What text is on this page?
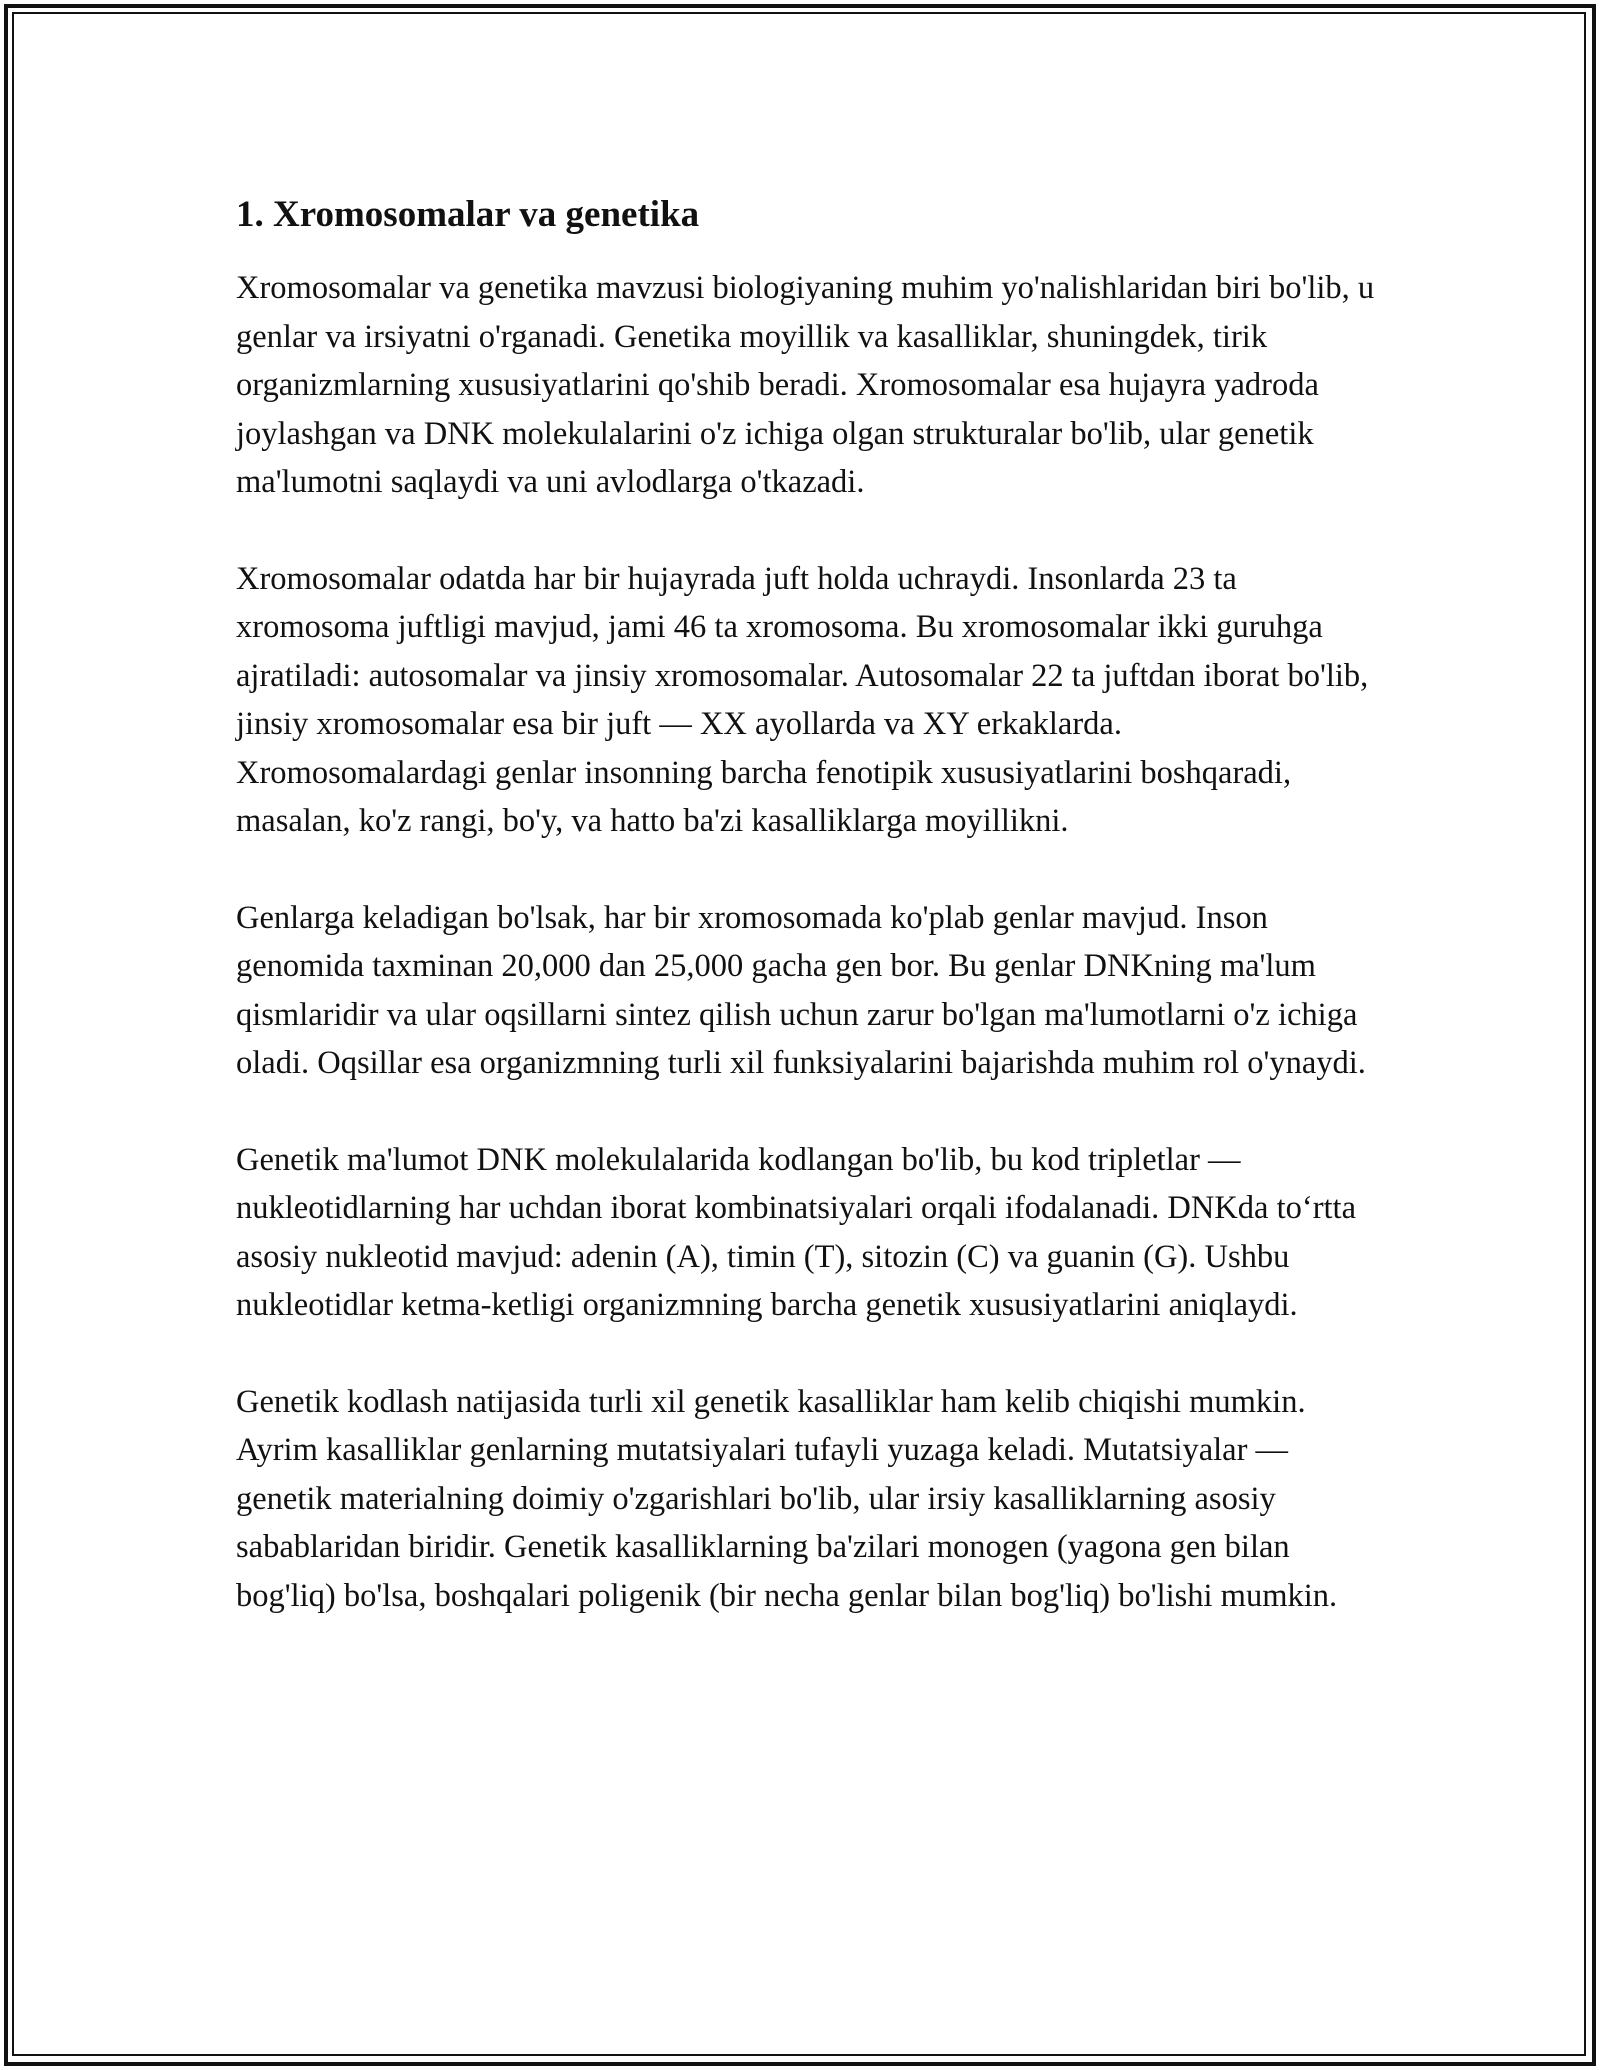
1. Xromosomalar va genetika

Xromosomalar va genetika mavzusi biologiyaning muhim yo'nalishlaridan biri bo'lib, u genlar va irsiyatni o'rganadi. Genetika moyillik va kasalliklar, shuningdek, tirik organizmlarning xususiyatlarini qo'shib beradi. Xromosomalar esa hujayra yadroda joylashgan va DNK molekulalarini o'z ichiga olgan strukturalar bo'lib, ular genetik ma'lumotni saqlaydi va uni avlodlarga o'tkazadi.

Xromosomalar odatda har bir hujayrada juft holda uchraydi. Insonlarda 23 ta xromosoma juftligi mavjud, jami 46 ta xromosoma. Bu xromosomalar ikki guruhga ajratiladi: autosomalar va jinsiy xromosomalar. Autosomalar 22 ta juftdan iborat bo'lib, jinsiy xromosomalar esa bir juft — XX ayollarda va XY erkaklarda. Xromosomalardagi genlar insonning barcha fenotipik xususiyatlarini boshqaradi, masalan, ko'z rangi, bo'y, va hatto ba'zi kasalliklarga moyillikni.

Genlarga keladigan bo'lsak, har bir xromosomada ko'plab genlar mavjud. Inson genomida taxminan 20,000 dan 25,000 gacha gen bor. Bu genlar DNKning ma'lum qismlaridir va ular oqsillarni sintez qilish uchun zarur bo'lgan ma'lumotlarni o'z ichiga oladi. Oqsillar esa organizmning turli xil funksiyalarini bajarishda muhim rol o'ynaydi.

Genetik ma'lumot DNK molekulalarida kodlangan bo'lib, bu kod tripletlar — nukleotidlarning har uchdan iborat kombinatsiyalari orqali ifodalanadi. DNKda to‘rtta asosiy nukleotid mavjud: adenin (A), timin (T), sitozin (C) va guanin (G). Ushbu nukleotidlar ketma-ketligi organizmning barcha genetik xususiyatlarini aniqlaydi.

Genetik kodlash natijasida turli xil genetik kasalliklar ham kelib chiqishi mumkin. Ayrim kasalliklar genlarning mutatsiyalari tufayli yuzaga keladi. Mutatsiyalar — genetik materialning doimiy o'zgarishlari bo'lib, ular irsiy kasalliklarning asosiy sabablaridan biridir. Genetik kasalliklarning ba'zilari monogen (yagona gen bilan bog'liq) bo'lsa, boshqalari poligenik (bir necha genlar bilan bog'liq) bo'lishi mumkin.
